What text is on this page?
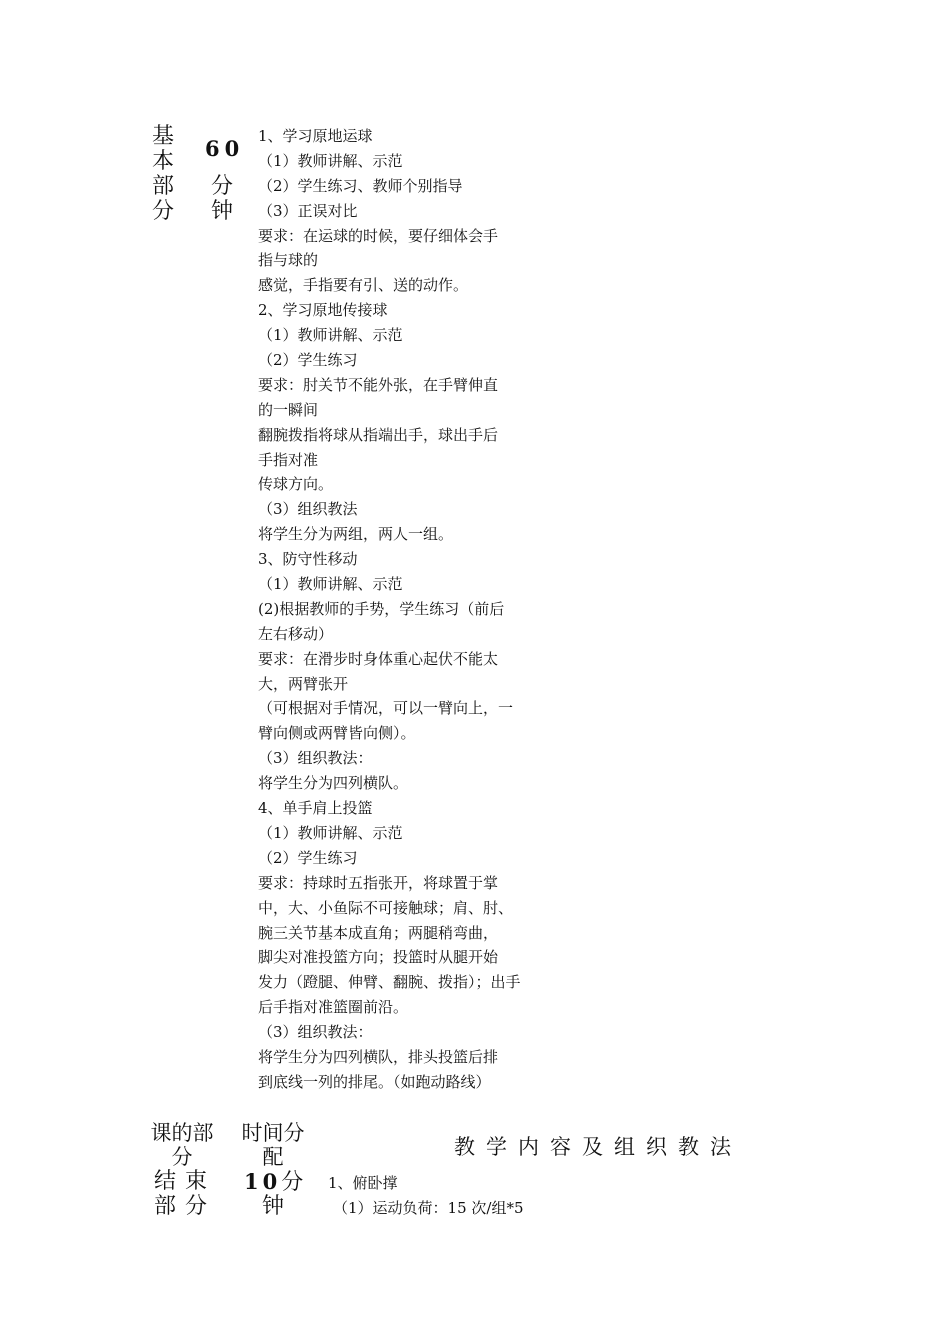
基
本
部
分
60
分
钟
1、学习原地运球
（1）教师讲解、示范
（2）学生练习、教师个别指导
（3）正误对比
要求：在运球的时候，要仔细体会手
指与球的
感觉，手指要有引、送的动作。
2、学习原地传接球
（1）教师讲解、示范
（2）学生练习
要求：肘关节不能外张，在手臂伸直
的一瞬间
翻腕拨指将球从指端出手，球出手后
手指对准
传球方向。
（3）组织教法
将学生分为两组，两人一组。
3、防守性移动
（1）教师讲解、示范
(2)根据教师的手势，学生练习（前后
左右移动）
要求：在滑步时身体重心起伏不能太
大，两臂张开
（可根据对手情况，可以一臂向上，一
臂向侧或两臂皆向侧）。
（3）组织教法：
将学生分为四列横队。
4、单手肩上投篮
（1）教师讲解、示范
（2）学生练习
要求：持球时五指张开，将球置于掌
中，大、小鱼际不可接触球；肩、肘、
腕三关节基本成直角；两腿稍弯曲，
脚尖对准投篮方向；投篮时从腿开始
发力（蹬腿、伸臂、翻腕、拨指）；出手
后手指对准篮圈前沿。
（3）组织教法：
将学生分为四列横队，排头投篮后排
到底线一列的排尾。（如跑动路线）
课的部
分
时间分
配	教学内容及组织教法
结 束
部 分
10分
钟
1、俯卧撑
（1）运动负荷：15 次/组*5
